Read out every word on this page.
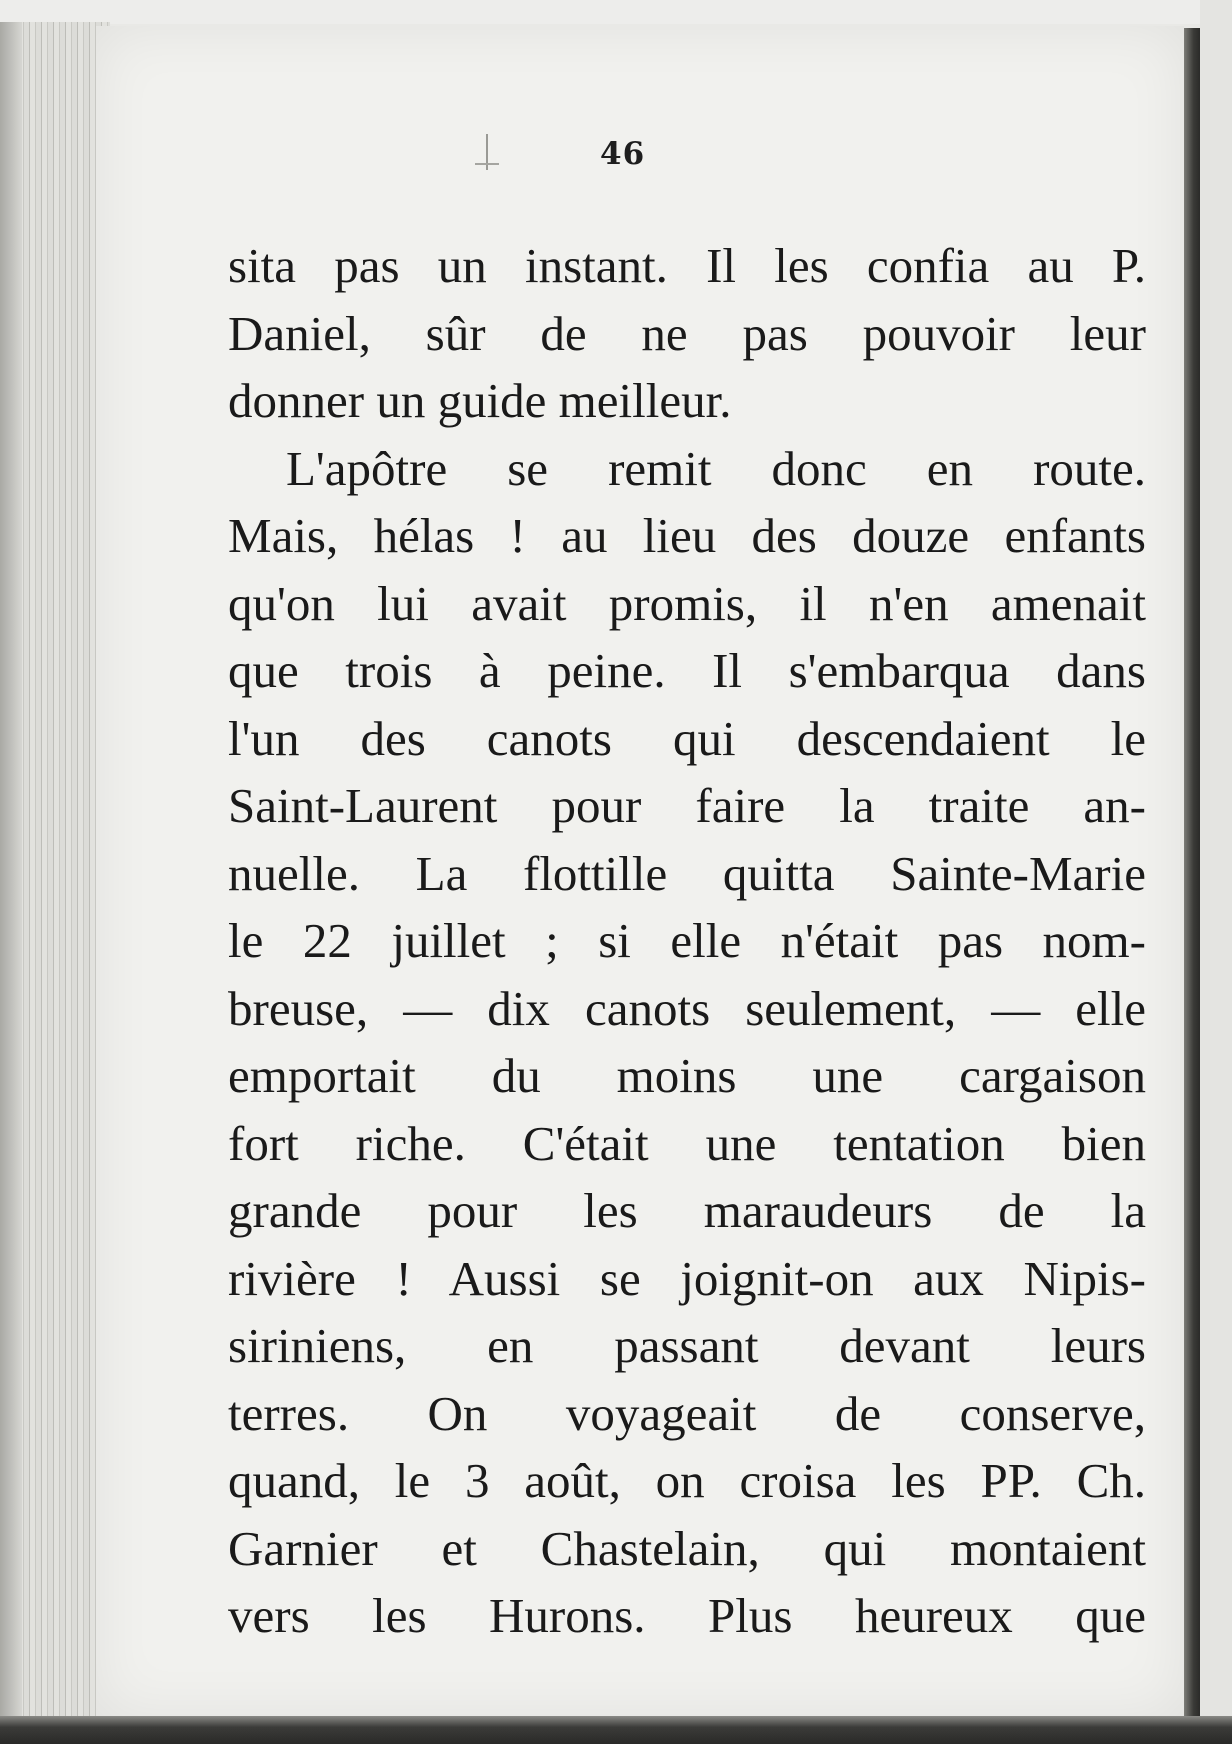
46
sita pas un instant. Il les confia au P.
Daniel, sûr de ne pas pouvoir leur
donner un guide meilleur.
L'apôtre se remit donc en route.
Mais, hélas ! au lieu des douze enfants
qu'on lui avait promis, il n'en amenait
que trois à peine. Il s'embarqua dans
l'un des canots qui descendaient le
Saint-Laurent pour faire la traite an-
nuelle. La flottille quitta Sainte-Marie
le 22 juillet ; si elle n'était pas nom-
breuse, — dix canots seulement, — elle
emportait du moins une cargaison
fort riche. C'était une tentation bien
grande pour les maraudeurs de la
rivière ! Aussi se joignit-on aux Nipis-
siriniens, en passant devant leurs
terres. On voyageait de conserve,
quand, le 3 août, on croisa les PP. Ch.
Garnier et Chastelain, qui montaient
vers les Hurons. Plus heureux que
